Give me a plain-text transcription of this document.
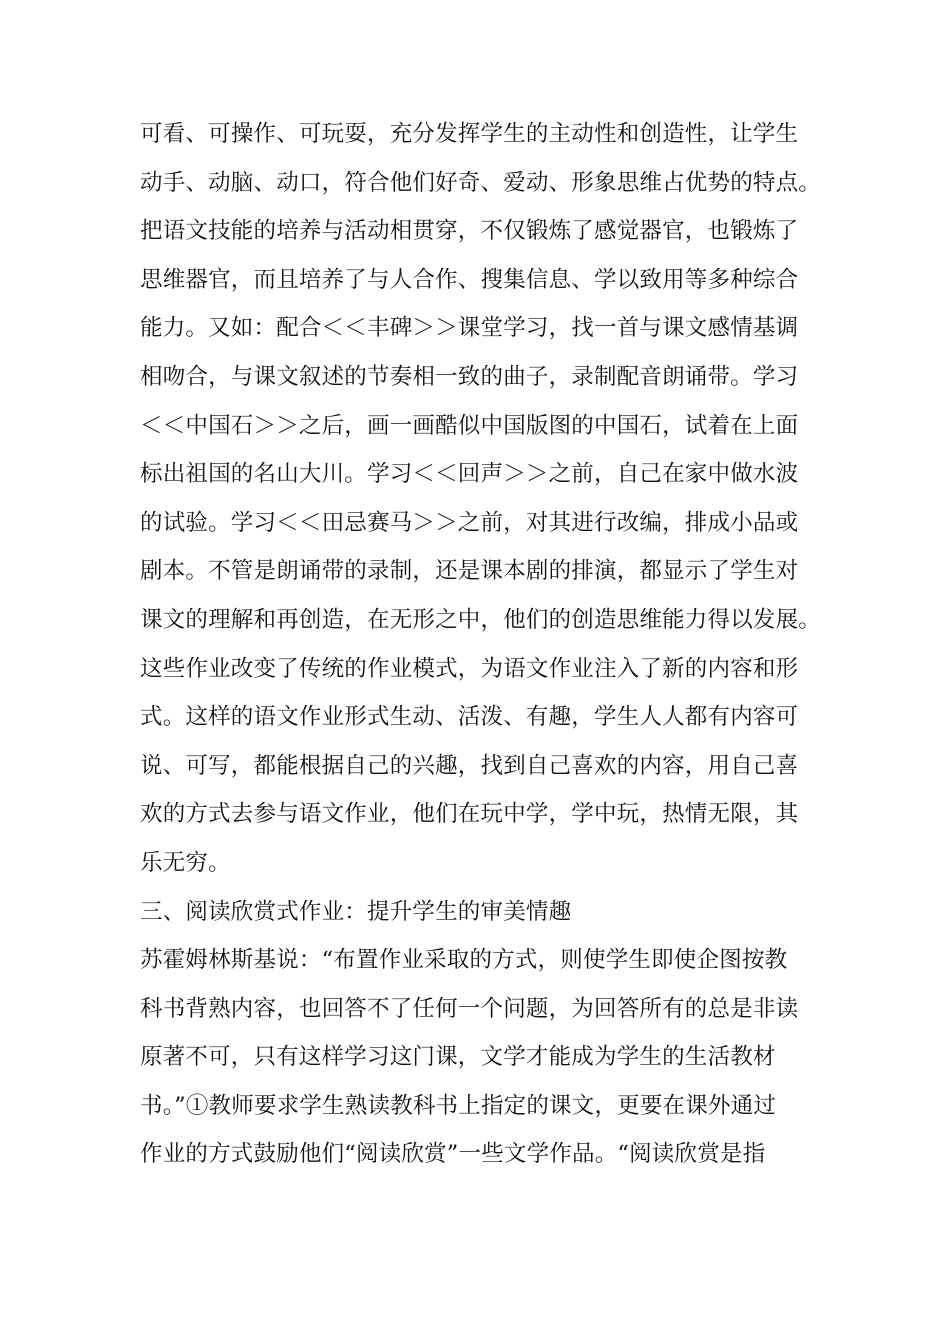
可看、可操作、可玩耍，充分发挥学生的主动性和创造性，让学生
动手、动脑、动口，符合他们好奇、爱动、形象思维占优势的特点。
把语文技能的培养与活动相贯穿，不仅锻炼了感觉器官，也锻炼了
思维器官，而且培养了与人合作、搜集信息、学以致用等多种综合
能力。又如：配合＜＜丰碑＞＞课堂学习，找一首与课文感情基调
相吻合，与课文叙述的节奏相一致的曲子，录制配音朗诵带。学习
＜＜中国石＞＞之后，画一画酷似中国版图的中国石，试着在上面
标出祖国的名山大川。学习＜＜回声＞＞之前，自己在家中做水波
的试验。学习＜＜田忌赛马＞＞之前，对其进行改编，排成小品或
剧本。不管是朗诵带的录制，还是课本剧的排演，都显示了学生对
课文的理解和再创造，在无形之中，他们的创造思维能力得以发展。
这些作业改变了传统的作业模式，为语文作业注入了新的内容和形
式。这样的语文作业形式生动、活泼、有趣，学生人人都有内容可
说、可写，都能根据自己的兴趣，找到自己喜欢的内容，用自己喜
欢的方式去参与语文作业，他们在玩中学，学中玩，热情无限，其
乐无穷。
三、阅读欣赏式作业：提升学生的审美情趣
苏霍姆林斯基说：“布置作业采取的方式，则使学生即使企图按教
科书背熟内容，也回答不了任何一个问题，为回答所有的总是非读
原著不可，只有这样学习这门课，文学才能成为学生的生活教材
书。”①教师要求学生熟读教科书上指定的课文，更要在课外通过
作业的方式鼓励他们“阅读欣赏”一些文学作品。“阅读欣赏是指
